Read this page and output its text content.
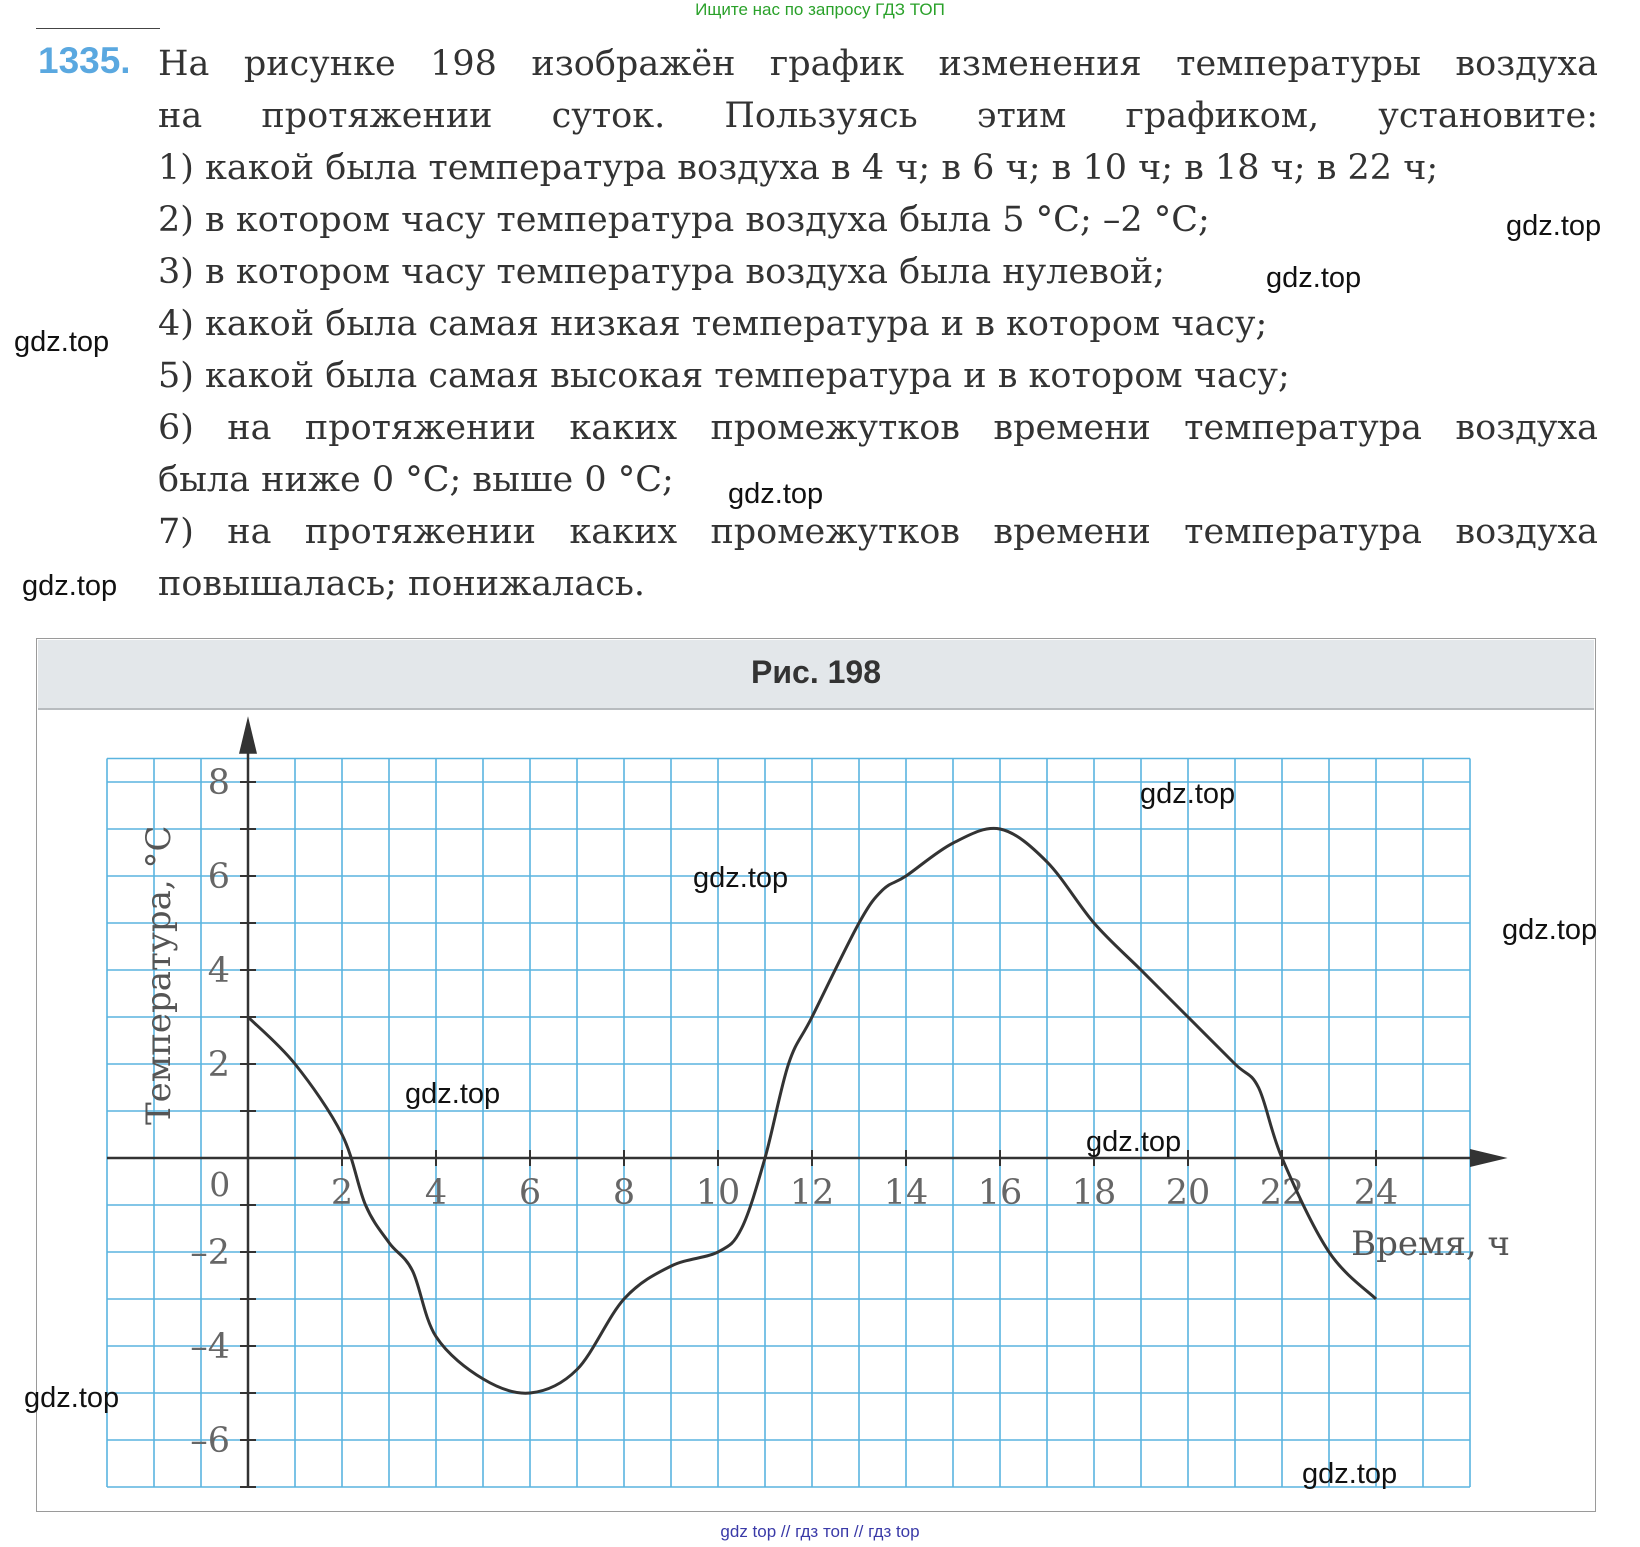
Ищите нас по запросу ГДЗ ТОП
1335. На рисунке 198 изображён график изменения температуры воздуха
на протяжении суток. Пользуясь этим графиком, установите:
1) какой была температура воздуха в 4 ч; в 6 ч; в 10 ч; в 18 ч; в 22 ч;
2) в котором часу температура воздуха была 5 °C; –2 °C;
3) в котором часу температура воздуха была нулевой;
4) какой была самая низкая температура и в котором часу;
5) какой была самая высокая температура и в котором часу;
6) на протяжении каких промежутков времени температура воздуха
была ниже 0 °C; выше 0 °C;
7) на протяжении каких промежутков времени температура воздуха
повышалась; понижалась.
Рис. 198
0	2 4 6 8 10 12 14 16 18 20 22 24
8
6
4
2
–2
–4
–6
Время, ч
Температура, °C
gdz.top
gdz.top
gdz.top
gdz.top
gdz.top
gdz.top
gdz.top
gdz.top
gdz.top
gdz.top
gdz.top
gdz.top
gdz top // гдз топ // гдз top
